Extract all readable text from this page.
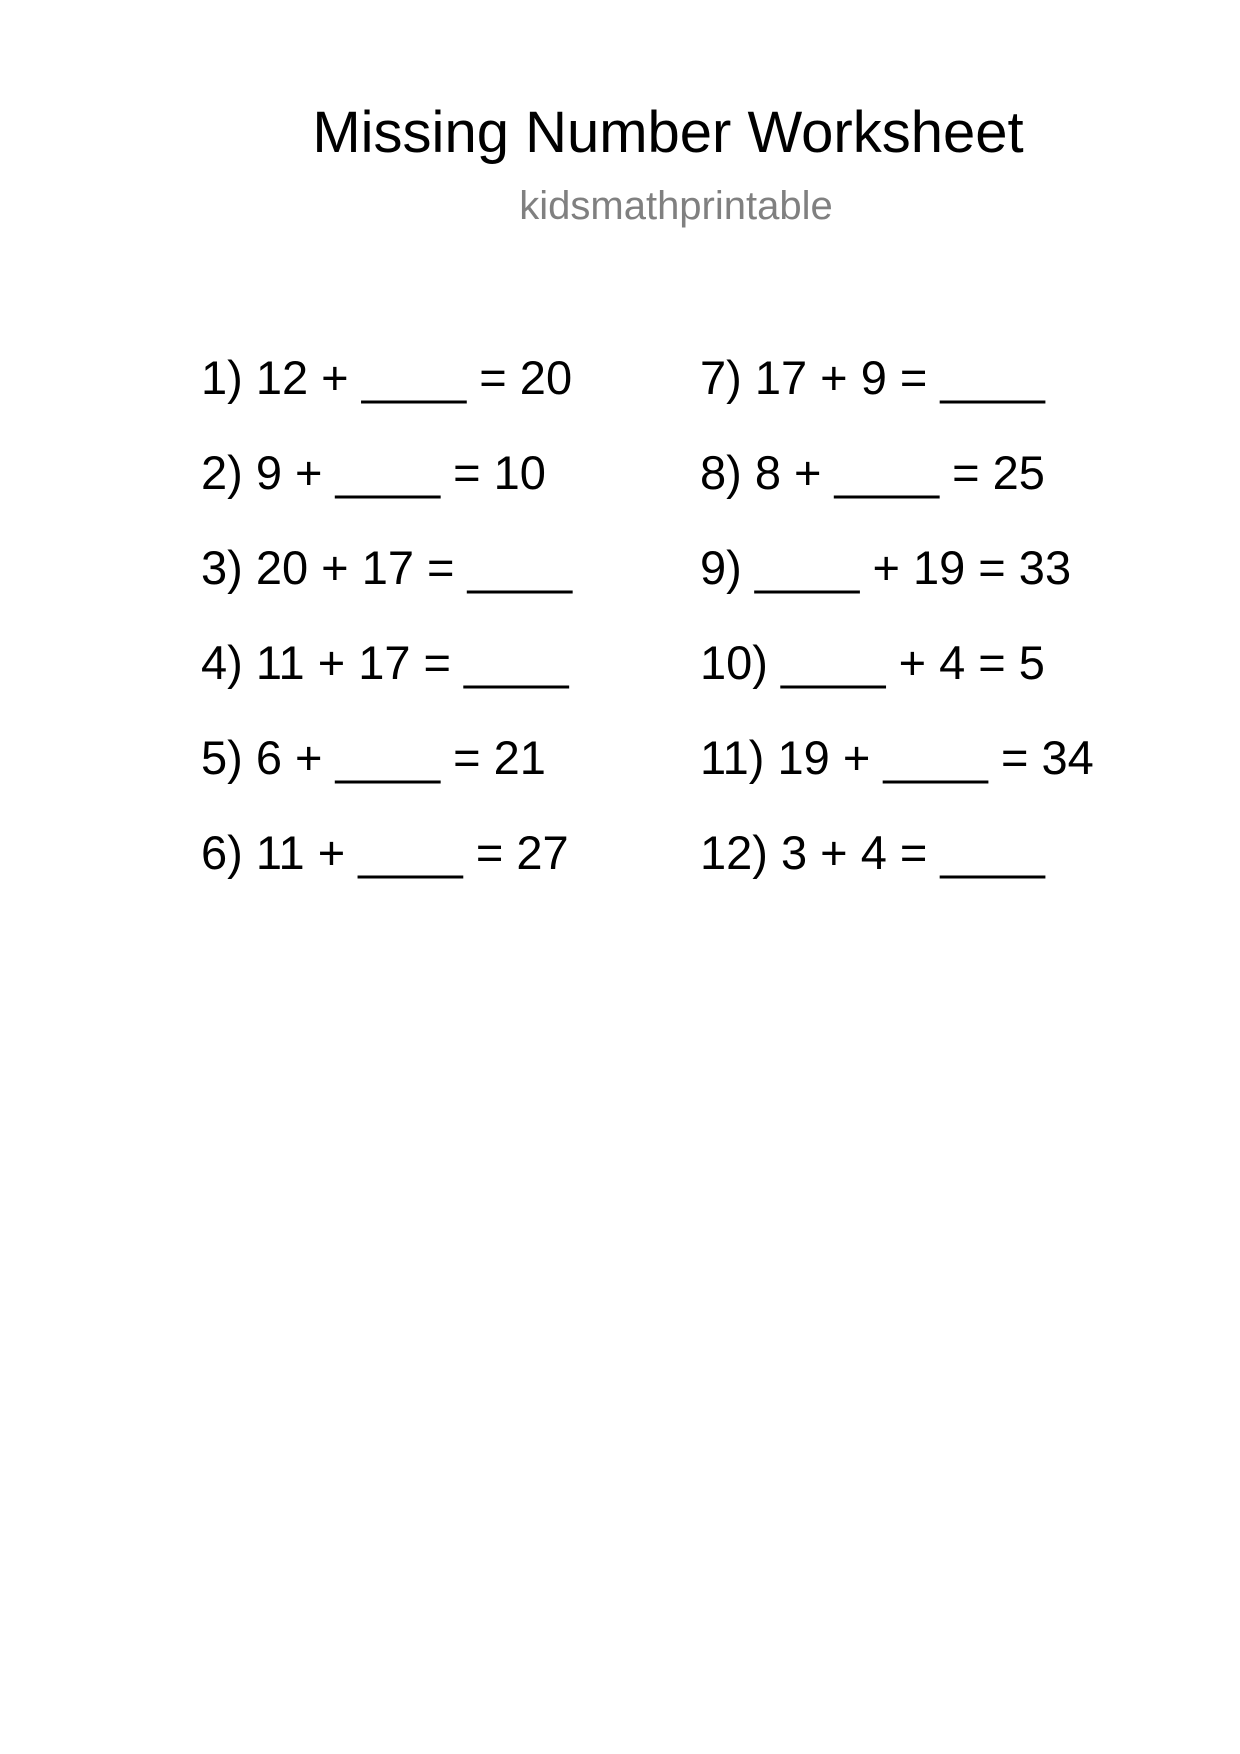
Missing Number Worksheet
kidsmathprintable
1) 12 + ____ = 20
2) 9 + ____ = 10
3) 20 + 17 = ____
4) 11 + 17 = ____
5) 6 + ____ = 21
6) 11 + ____ = 27
7) 17 + 9 = ____
8) 8 + ____ = 25
9) ____ + 19 = 33
10) ____ + 4 = 5
11) 19 + ____ = 34
12) 3 + 4 = ____
